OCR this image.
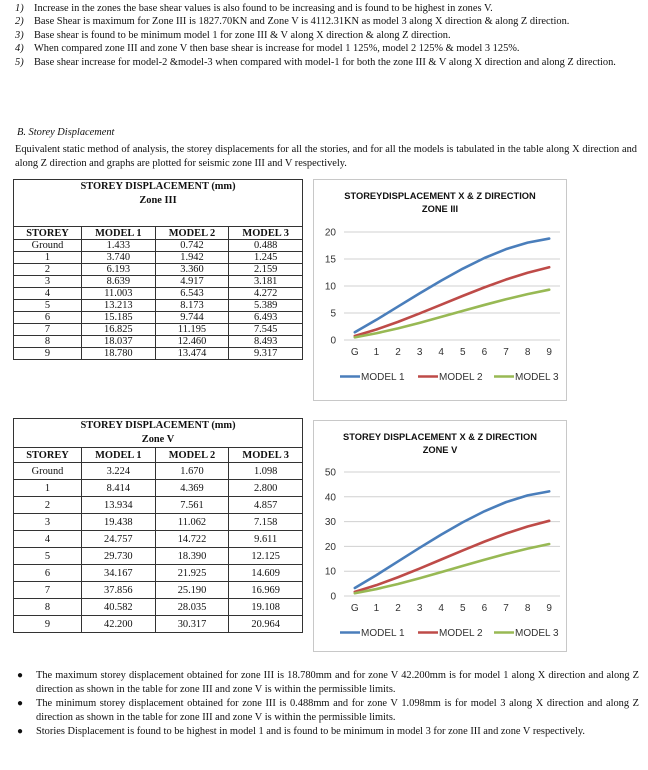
1) Increase in the zones the base shear values is also found to be increasing and is found to be highest in zones V.
2) Base Shear is maximum for Zone III is 1827.70KN and Zone V is 4112.31KN as model 3 along X direction & along Z direction.
3) Base shear is found to be minimum model 1 for zone III & V along X direction & along Z direction.
4) When compared zone III and zone V then base shear is increase for model 1 125%, model 2 125% & model 3 125%.
5) Base shear increase for model-2 &model-3 when compared with model-1 for both the zone III & V along X direction and along Z direction.
B. Storey Displacement
Equivalent static method of analysis, the storey displacements for all the stories, and for all the models is tabulated in the table along X direction and along Z direction and graphs are plotted for seismic zone III and V respectively.
STOREY DISPLACEMENT (mm)
Zone III			

STOREY	MODEL 1	MODEL 2	MODEL 3
Ground	1.433	0.742	0.488
1	3.740	1.942	1.245
2	6.193	3.360	2.159
3	8.639	4.917	3.181
4	11.003	6.543	4.272
5	13.213	8.173	5.389
6	15.185	9.744	6.493
7	16.825	11.195	7.545
8	18.037	12.460	8.493
9	18.780	13.474	9.317
STOREY DISPLACEMENT (mm)
Zone V			
STOREY	MODEL 1	MODEL 2	MODEL 3
Ground	3.224	1.670	1.098
1	8.414	4.369	2.800
2	13.934	7.561	4.857
3	19.438	11.062	7.158
4	24.757	14.722	9.611
5	29.730	18.390	12.125
6	34.167	21.925	14.609
7	37.856	25.190	16.969
8	40.582	28.035	19.108
9	42.200	30.317	20.964
STOREYDISPLACEMENT X & Z DIRECTION
ZONE III
0
5
10
15
20
G 1 2 3 4 5 6 7 8 9
MODEL 1	MODEL 2	MODEL 3
STOREY DISPLACEMENT X & Z DIRECTION
ZONE V
0
10
20
30
40
50
G 1 2 3 4 5 6 7 8 9
MODEL 1	MODEL 2	MODEL 3
● The maximum storey displacement obtained for zone III is 18.780mm and for zone V 42.200mm is for model 1 along X direction and along Z direction as shown in the table for zone III and zone V is within the permissible limits.
● The minimum storey displacement obtained for zone III is 0.488mm and for zone V 1.098mm is for model 3 along X direction and along Z direction as shown in the table for zone III and zone V is within the permissible limits.
● Stories Displacement is found to be highest in model 1 and is found to be minimum in model 3 for zone III and zone V respectively.
